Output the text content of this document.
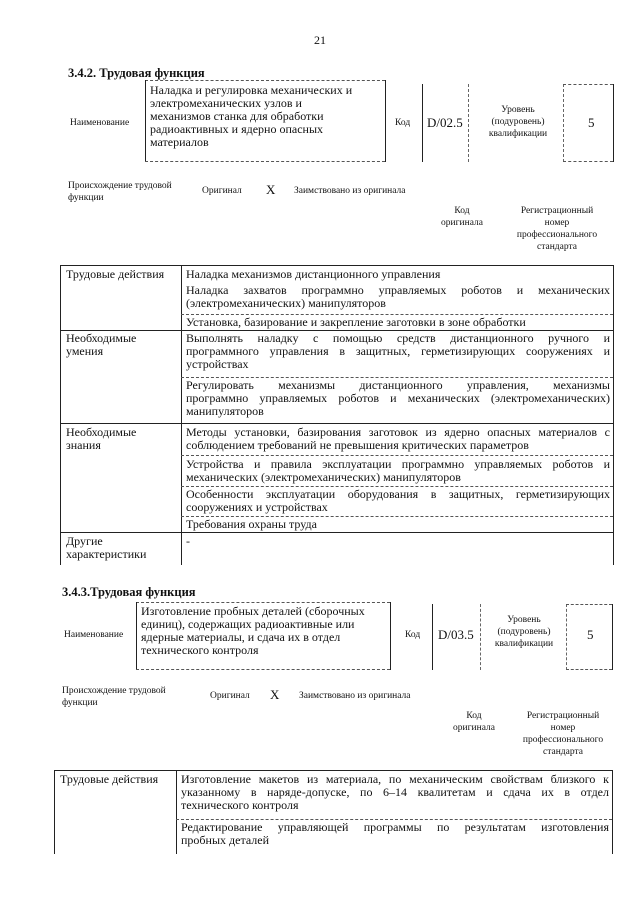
21
3.4.2. Трудовая функция
Наименование
Наладка и регулировка механических и
электромеханических узлов и
механизмов станка для обработки
радиоактивных и ядерно опасных
материалов
Код D/02.5
Уровень
(подуровень)
квалификации
5
Происхождение трудовой
функции
Оригинал X Заимствовано из оригинала
Код
оригинала
Регистрационный
номер
профессионального
стандарта
Трудовые действия
Необходимые
умения
Необходимые
знания
Другие
характеристики
Наладка механизмов дистанционного управления
Наладка захватов программно управляемых роботов и механических
(электромеханических) манипуляторов
Установка, базирование и закрепление заготовки в зоне обработки
Выполнять наладку с помощью средств дистанционного ручного и
программного управления в защитных, герметизирующих сооружениях и
устройствах
Регулировать механизмы дистанционного управления, механизмы
программно управляемых роботов и механических (электромеханических)
манипуляторов
Методы установки, базирования заготовок из ядерно опасных материалов с
соблюдением требований не превышения критических параметров
Устройства и правила эксплуатации программно управляемых роботов и
механических (электромеханических) манипуляторов
Особенности эксплуатации оборудования в защитных, герметизирующих
сооружениях и устройствах
Требования охраны труда
-
3.4.3.Трудовая функция
Наименование
Изготовление пробных деталей (сборочных
единиц), содержащих радиоактивные или
ядерные материалы, и сдача их в отдел
технического контроля
Код D/03.5
Уровень
(подуровень)
квалификации
5
Происхождение трудовой
функции
Оригинал X Заимствовано из оригинала
Код
оригинала
Регистрационный
номер
профессионального
стандарта
Трудовые действия Изготовление макетов из материала, по механическим свойствам близкого к
указанному в наряде-допуске, по 6–14 квалитетам и сдача их в отдел
технического контроля
Редактирование управляющей программы по результатам изготовления
пробных деталей
